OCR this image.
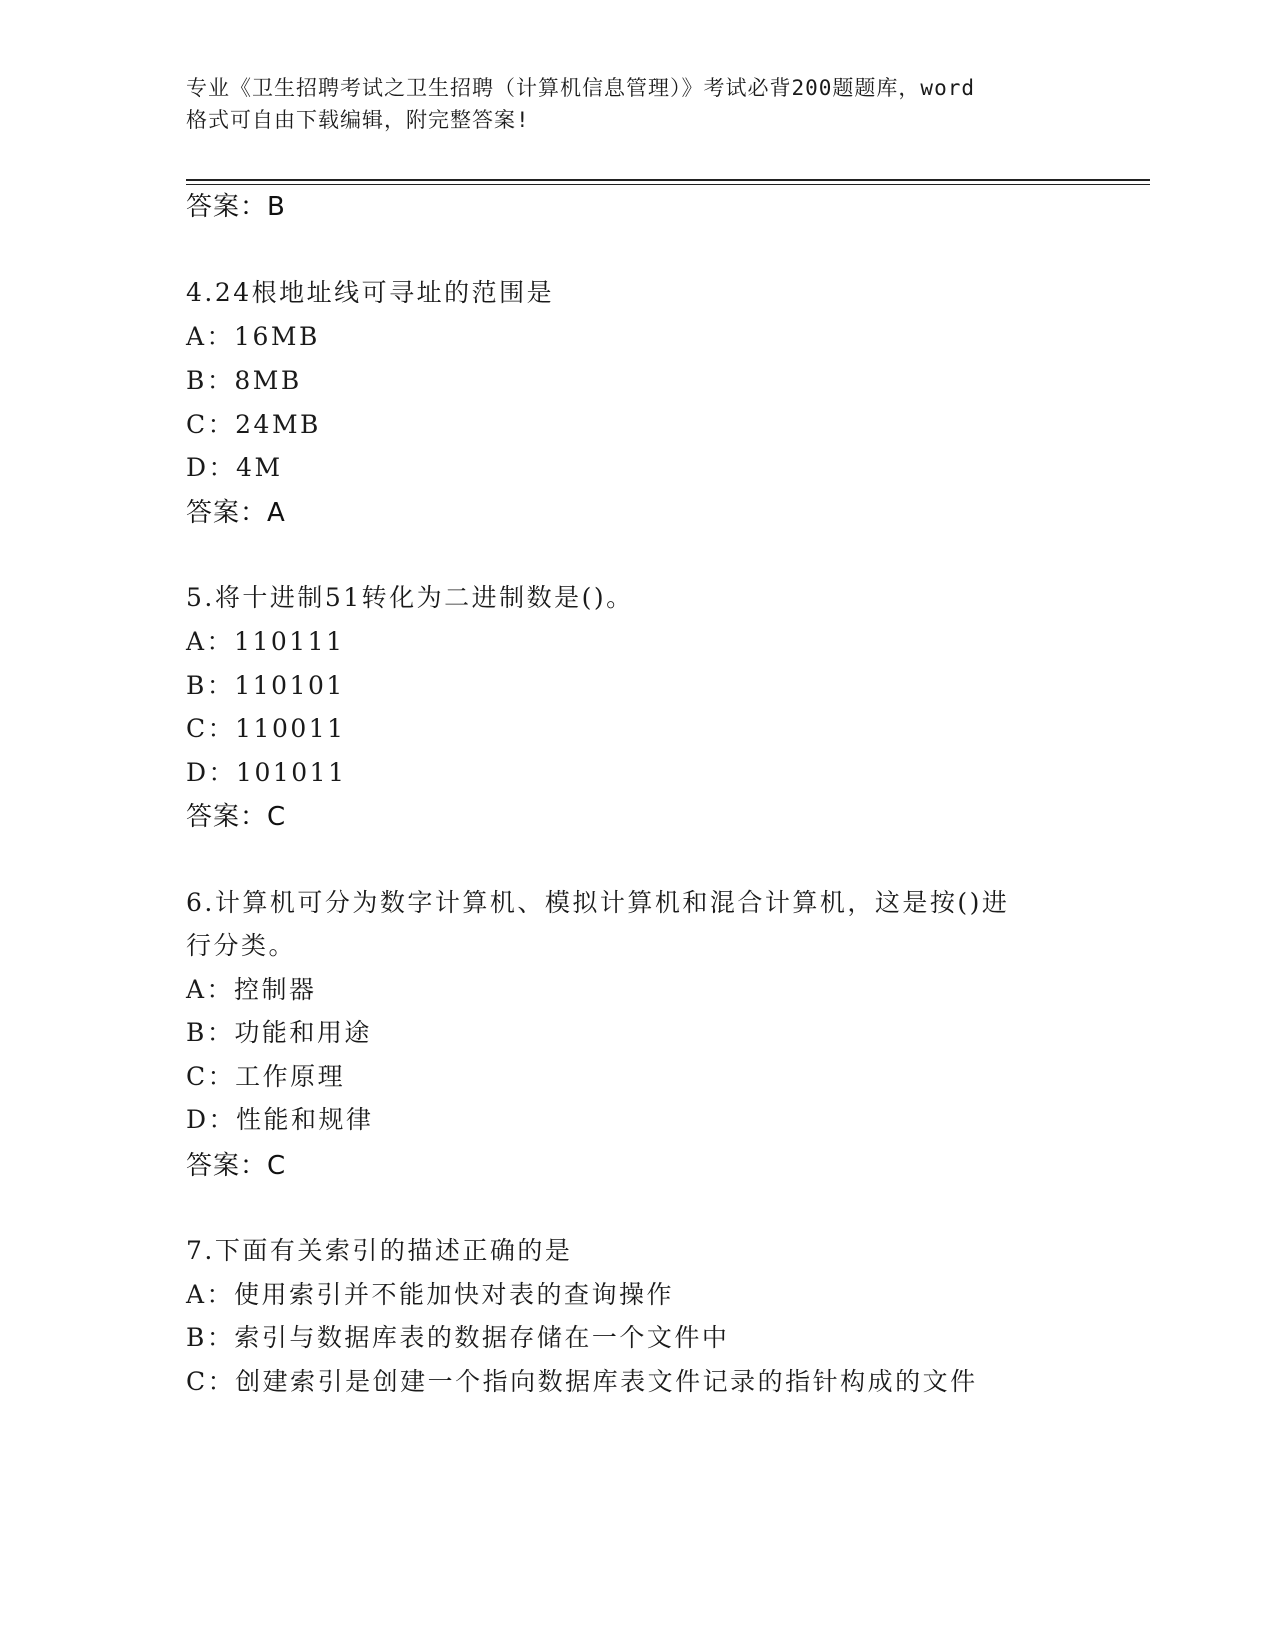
专业《卫生招聘考试之卫生招聘（计算机信息管理）》考试必背200题题库，word
格式可自由下载编辑，附完整答案!
答案：B
4.24根地址线可寻址的范围是
A：16MB
B：8MB
C：24MB
D：4M
答案：A
5.将十进制51转化为二进制数是()。
A：110111
B：110101
C：110011
D：101011
答案：C
6.计算机可分为数字计算机、模拟计算机和混合计算机，这是按()进
行分类。
A：控制器
B：功能和用途
C：工作原理
D：性能和规律
答案：C
7.下面有关索引的描述正确的是
A：使用索引并不能加快对表的查询操作
B：索引与数据库表的数据存储在一个文件中
C：创建索引是创建一个指向数据库表文件记录的指针构成的文件
